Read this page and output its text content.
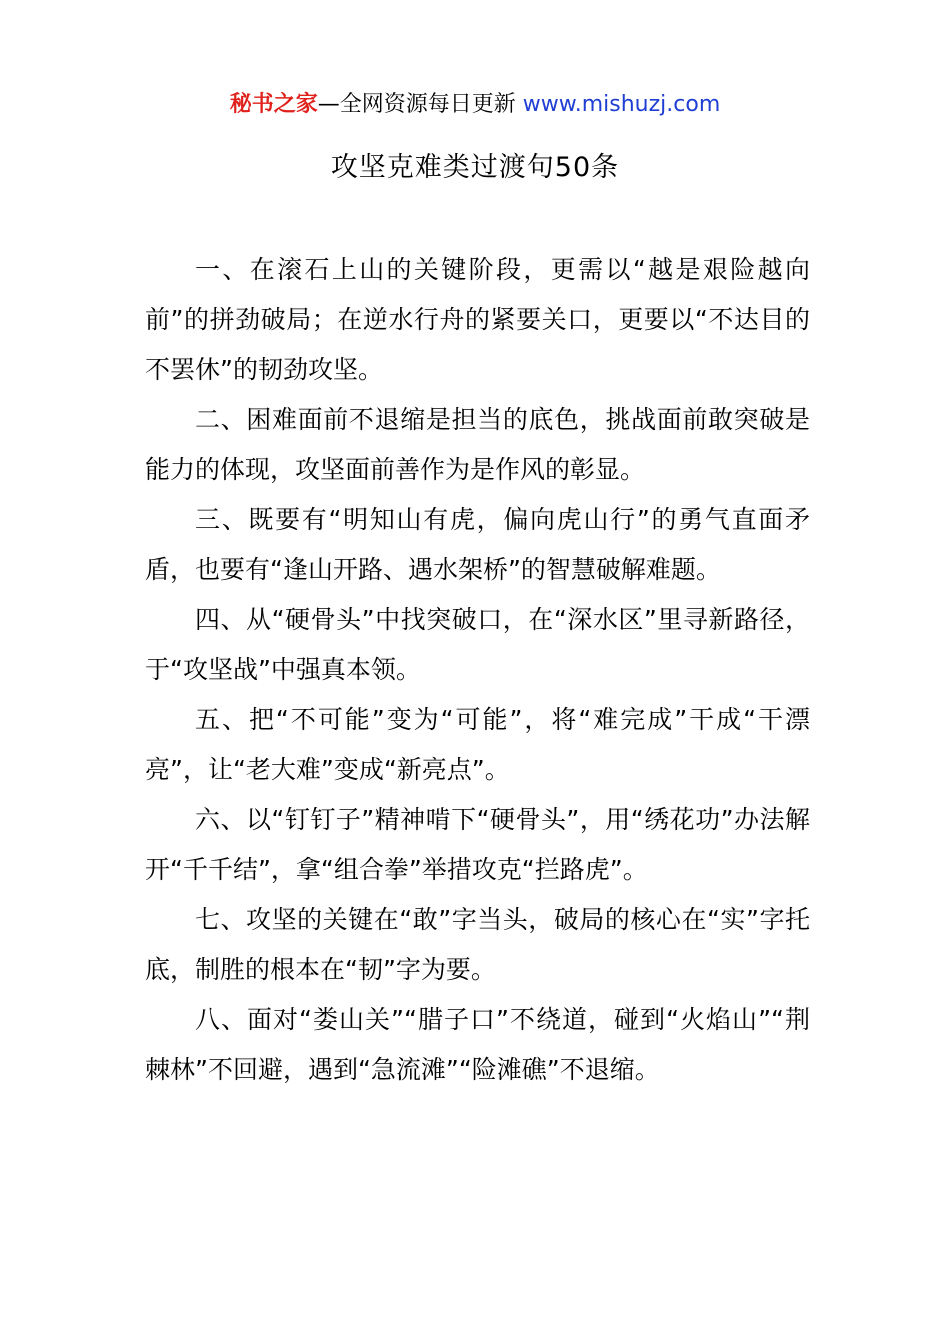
秘书之家—全网资源每日更新 www.mishuzj.com
攻坚克难类过渡句50条

一、在滚石上山的关键阶段，更需以“越是艰险越向前”的拼劲破局；在逆水行舟的紧要关口，更要以“不达目的不罢休”的韧劲攻坚。

二、困难面前不退缩是担当的底色，挑战面前敢突破是能力的体现，攻坚面前善作为是作风的彰显。

三、既要有“明知山有虎，偏向虎山行”的勇气直面矛盾，也要有“逢山开路、遇水架桥”的智慧破解难题。

四、从“硬骨头”中找突破口，在“深水区”里寻新路径，于“攻坚战”中强真本领。

五、把“不可能”变为“可能”，将“难完成”干成“干漂亮”，让“老大难”变成“新亮点”。

六、以“钉钉子”精神啃下“硬骨头”，用“绣花功”办法解开“千千结”，拿“组合拳”举措攻克“拦路虎”。

七、攻坚的关键在“敢”字当头，破局的核心在“实”字托底，制胜的根本在“韧”字为要。

八、面对“娄山关”“腊子口”不绕道，碰到“火焰山”“荆棘林”不回避，遇到“急流滩”“险滩礁”不退缩。
